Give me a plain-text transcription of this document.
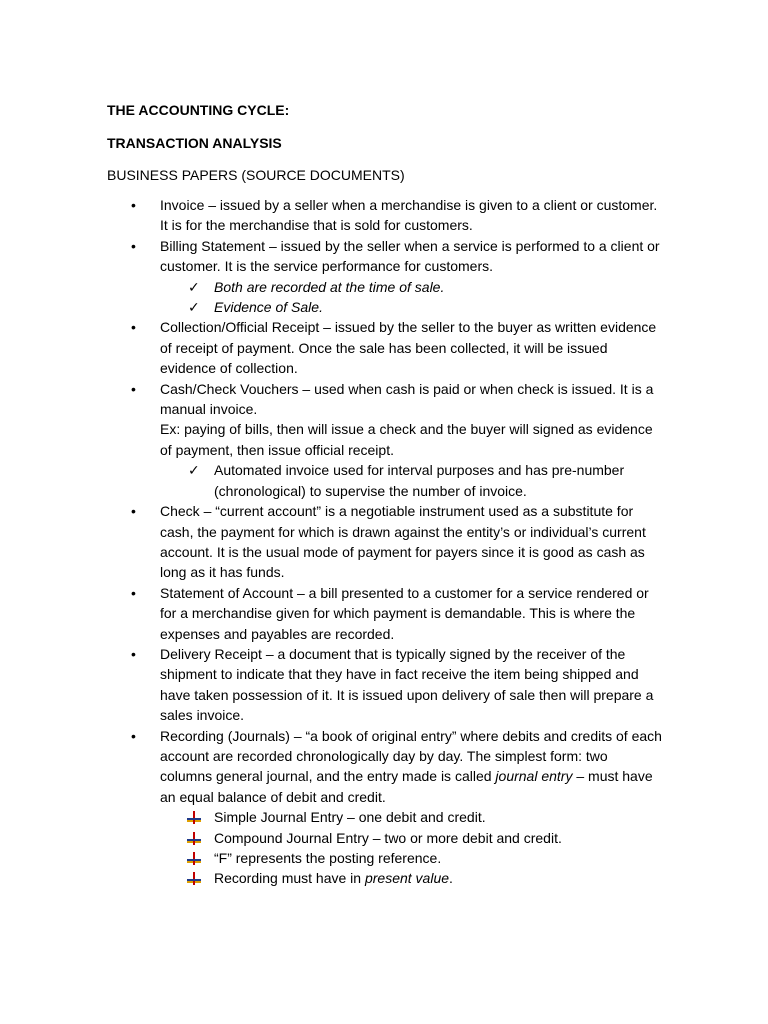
THE ACCOUNTING CYCLE:
TRANSACTION ANALYSIS
BUSINESS PAPERS (SOURCE DOCUMENTS)
• Invoice – issued by a seller when a merchandise is given to a client or customer. It is for the merchandise that is sold for customers.
• Billing Statement – issued by the seller when a service is performed to a client or customer. It is the service performance for customers.
✓ Both are recorded at the time of sale.
✓ Evidence of Sale.
• Collection/Official Receipt – issued by the seller to the buyer as written evidence of receipt of payment. Once the sale has been collected, it will be issued evidence of collection.
• Cash/Check Vouchers – used when cash is paid or when check is issued. It is a manual invoice.
Ex: paying of bills, then will issue a check and the buyer will signed as evidence of payment, then issue official receipt.
✓ Automated invoice used for interval purposes and has pre-number (chronological) to supervise the number of invoice.
• Check – “current account” is a negotiable instrument used as a substitute for cash, the payment for which is drawn against the entity’s or individual’s current account. It is the usual mode of payment for payers since it is good as cash as long as it has funds.
• Statement of Account – a bill presented to a customer for a service rendered or for a merchandise given for which payment is demandable. This is where the expenses and payables are recorded.
• Delivery Receipt – a document that is typically signed by the receiver of the shipment to indicate that they have in fact receive the item being shipped and have taken possession of it. It is issued upon delivery of sale then will prepare a sales invoice.
• Recording (Journals) – “a book of original entry” where debits and credits of each account are recorded chronologically day by day. The simplest form: two columns general journal, and the entry made is called journal entry – must have an equal balance of debit and credit.
Simple Journal Entry – one debit and credit.
Compound Journal Entry – two or more debit and credit.
“F” represents the posting reference.
Recording must have in present value.
